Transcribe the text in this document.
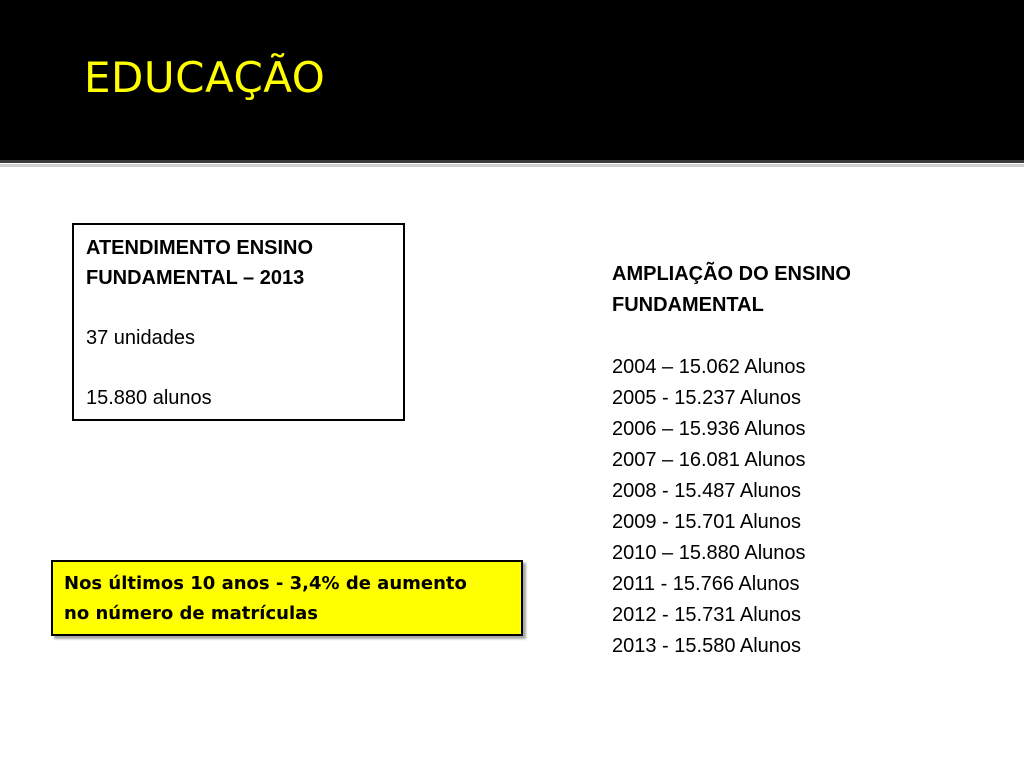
EDUCAÇÃO
ATENDIMENTO ENSINO
FUNDAMENTAL – 2013
37 unidades
15.880 alunos
Nos últimos 10 anos - 3,4% de aumento
no número de matrículas
AMPLIAÇÃO DO ENSINO
FUNDAMENTAL
2004 – 15.062 Alunos
2005 - 15.237 Alunos
2006 – 15.936 Alunos
2007 – 16.081 Alunos
2008 - 15.487 Alunos
2009 - 15.701 Alunos
2010 – 15.880 Alunos
2011 - 15.766 Alunos
2012 - 15.731 Alunos
2013 - 15.580 Alunos
